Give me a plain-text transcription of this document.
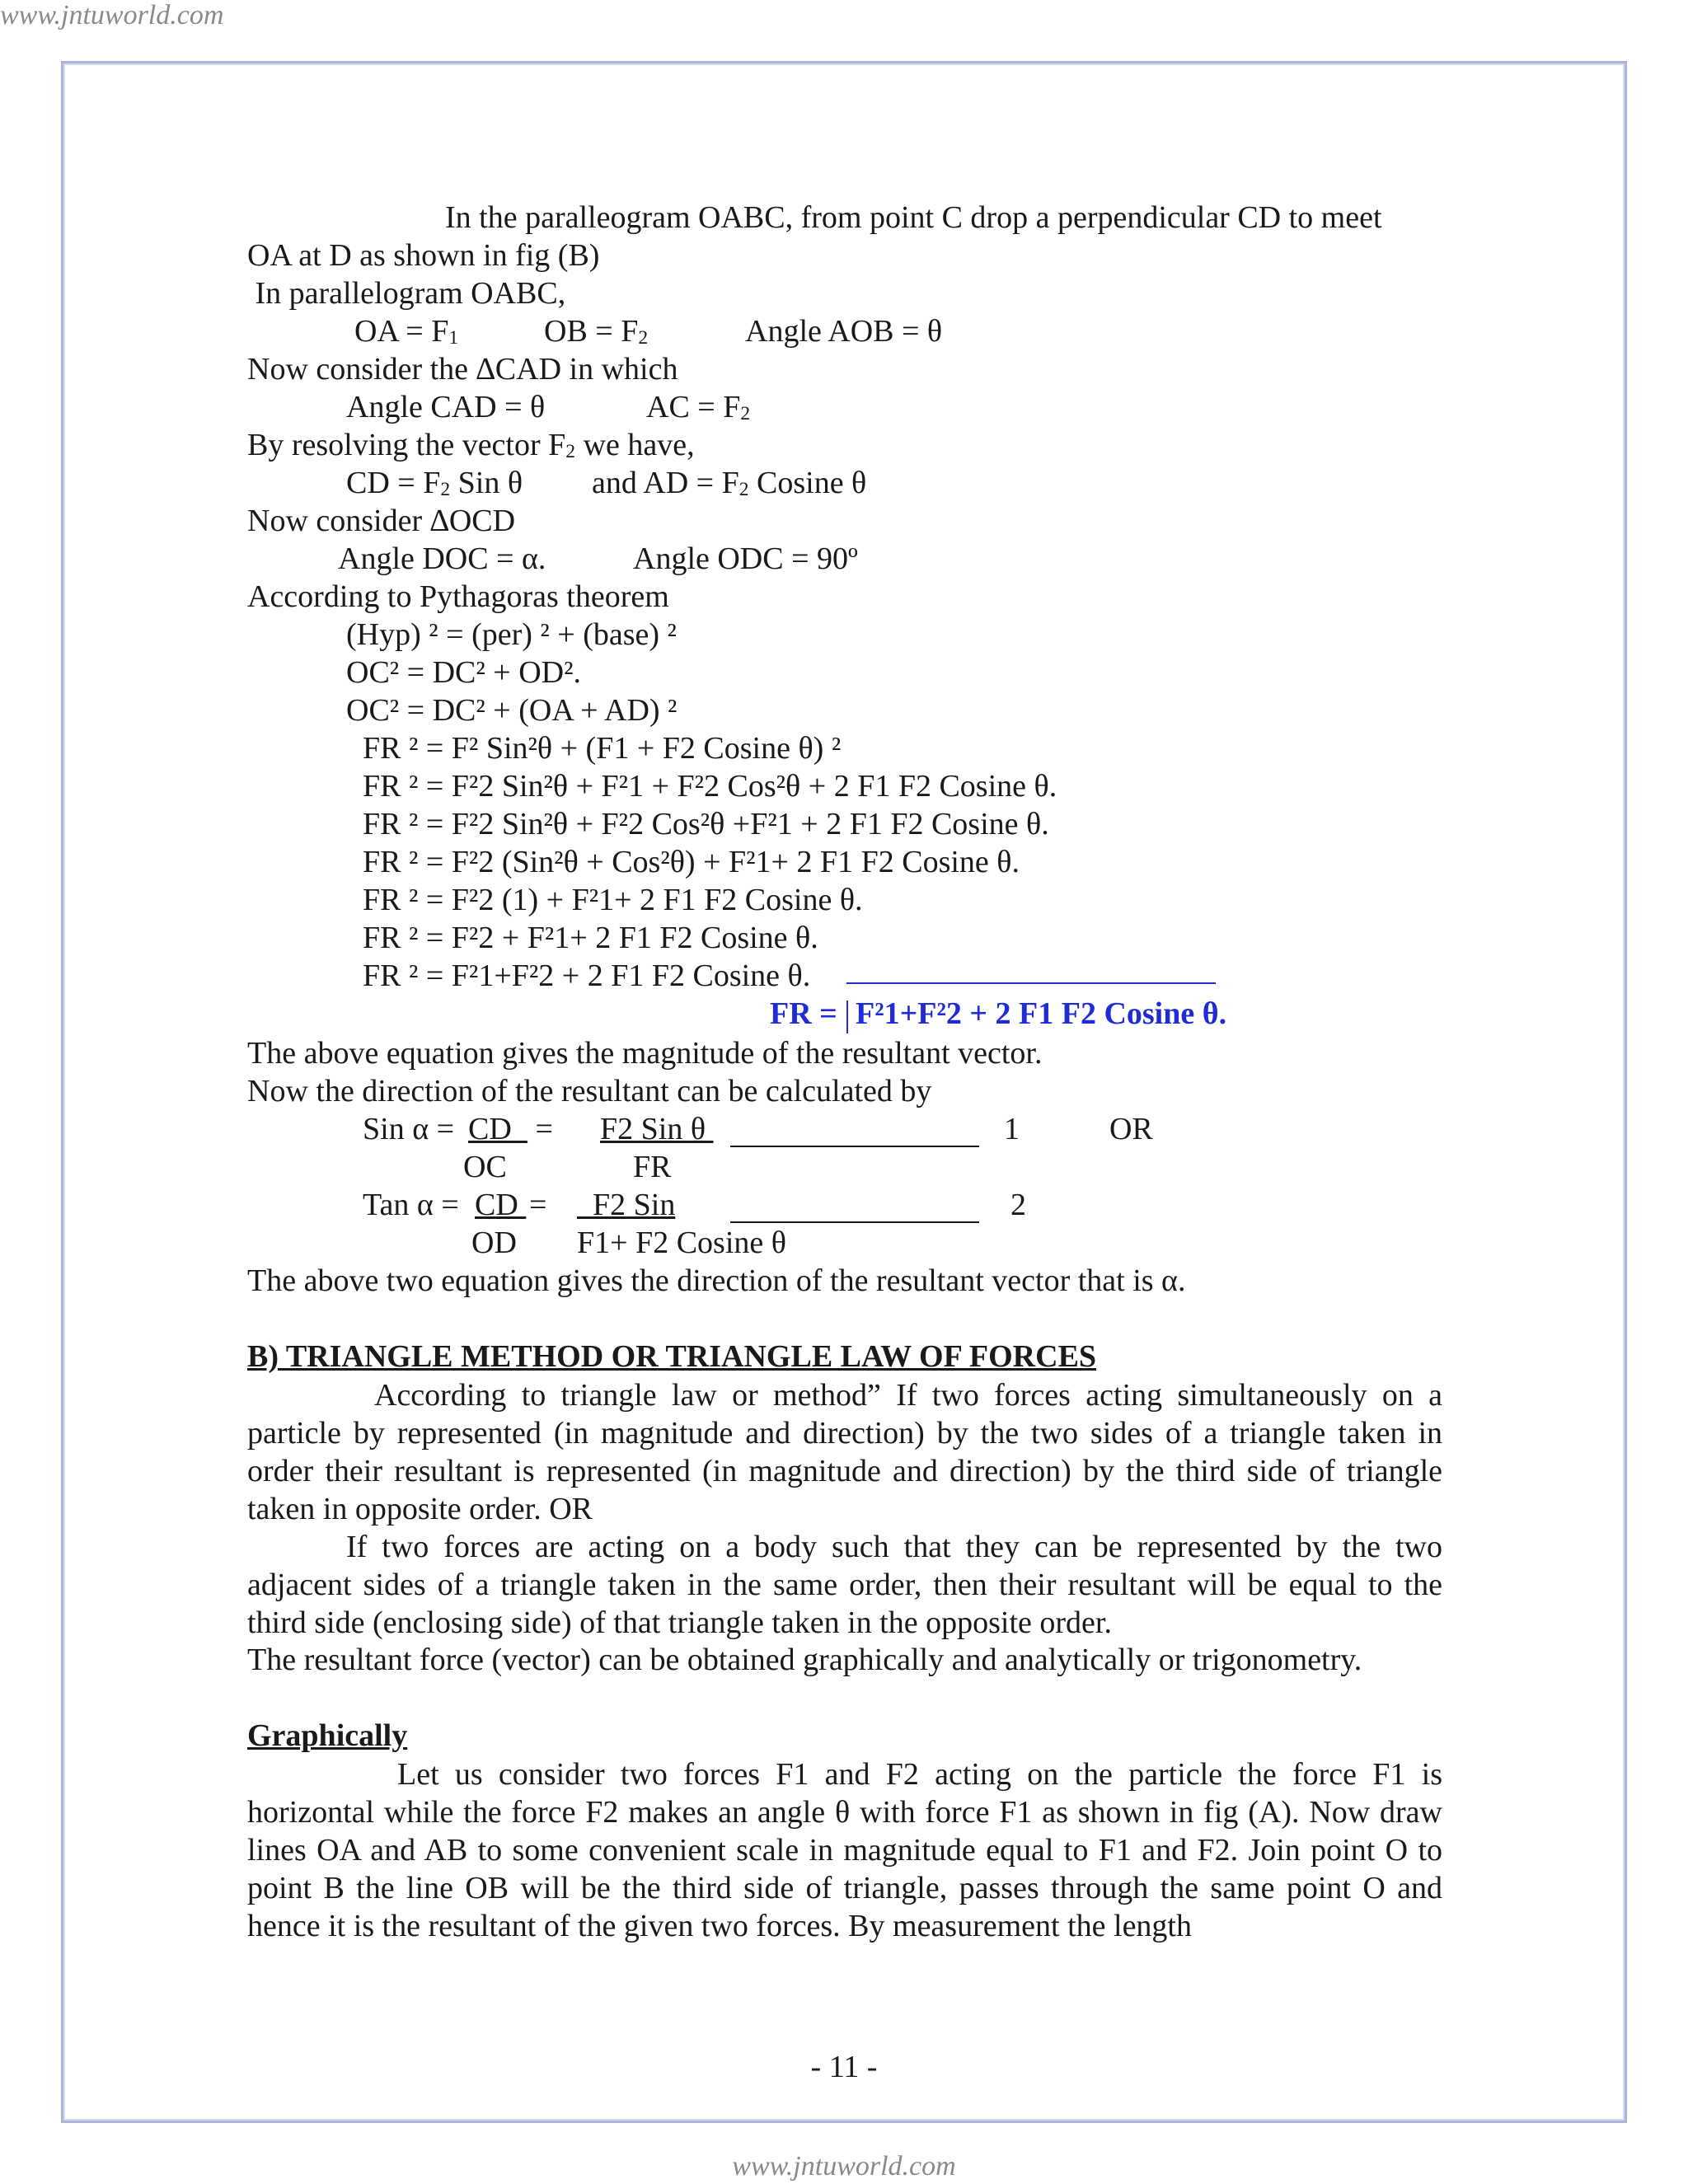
www.jntuworld.com
In the paralleogram OABC, from point C drop a perpendicular CD to meet
OA at D as shown in fig (B)
In parallelogram OABC,
OA = $F_1$	OB = $F_2$	Angle AOB = θ
Now consider the ∆CAD in which
Angle CAD = θ	AC = $F_2$
By resolving the vector $F_2$ we have,
CD = $F_2$ Sin θ and AD = $F_2$ Cosine θ
Now consider ∆OCD
Angle DOC = α.	Angle ODC = 90º
According to Pythagoras theorem
(Hyp) ² = (per) ² + (base) ²
OC² = DC² + OD².
OC² = DC² + (OA + AD) ²
FR ² = F² Sin²θ + (F1 + F2 Cosine θ) ²
FR ² = F²2 Sin²θ + F²1 + F²2 Cos²θ + 2 F1 F2 Cosine θ.
FR ² = F²2 Sin²θ + F²2 Cos²θ +F²1 + 2 F1 F2 Cosine θ.
FR ² = F²2 (Sin²θ + Cos²θ) + F²1+ 2 F1 F2 Cosine θ.
FR ² = F²2 (1) + F²1+ 2 F1 F2 Cosine θ.
FR ² = F²2 + F²1+ 2 F1 F2 Cosine θ.
FR ² = F²1+F²2 + 2 F1 F2 Cosine θ.
FR = F²1+F²2 + 2 F1 F2 Cosine θ.
The above equation gives the magnitude of the resultant vector.
Now the direction of the resultant can be calculated by
Sin α = CD_ = F2 Sin θ	1	OR
OC	FR
Tan α = CD = F2 Sin	2
OD F1+ F2 Cosine θ
The above two equation gives the direction of the resultant vector that is α.
B) TRIANGLE METHOD OR TRIANGLE LAW OF FORCES
According to triangle law or method” If two forces acting simultaneously on a particle by represented (in magnitude and direction) by the two sides of a triangle taken in order their resultant is represented (in magnitude and direction) by the third side of triangle taken in opposite order. OR
If two forces are acting on a body such that they can be represented by the two adjacent sides of a triangle taken in the same order, then their resultant will be equal to the third side (enclosing side) of that triangle taken in the opposite order.
The resultant force (vector) can be obtained graphically and analytically or trigonometry.
Graphically
Let us consider two forces F1 and F2 acting on the particle the force F1 is horizontal while the force F2 makes an angle θ with force F1 as shown in fig (A). Now draw lines OA and AB to some convenient scale in magnitude equal to F1 and F2. Join point O to point B the line OB will be the third side of triangle, passes through the same point O and hence it is the resultant of the given two forces. By measurement the length
- 11 -
www.jntuworld.com
